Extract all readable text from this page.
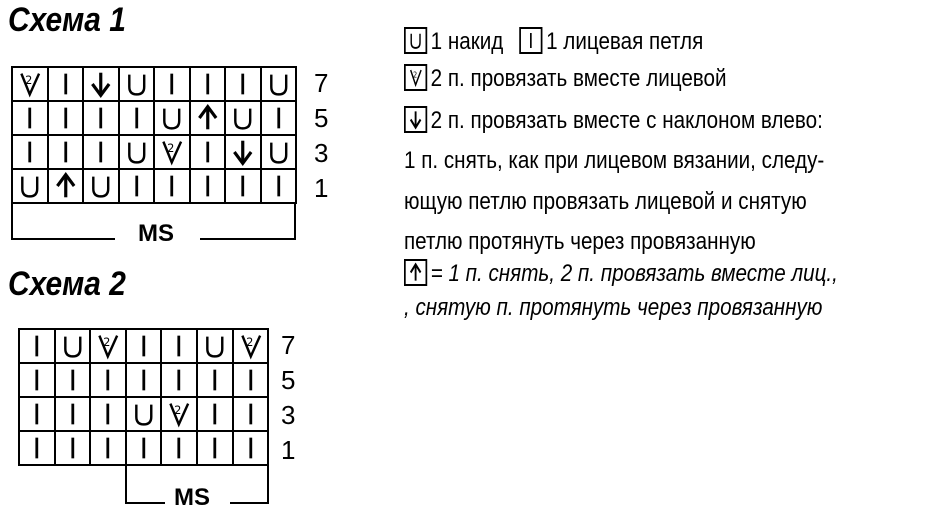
Схема 1
2
2
MS
Схема 2
2	2
2
MS
1 накид 1 лицевая петля
2 2 п. провязать вместе лицевой
2 п. провязать вместе с наклоном влево:
1 п. снять, как при лицевом вязании, следу-
ющую петлю провязать лицевой и снятую
петлю протянуть через провязанную
= 1 п. снять, 2 п. провязать вместе лиц.,
, снятую п. протянуть через провязанную
7
5
3
1
7
5
3
1
